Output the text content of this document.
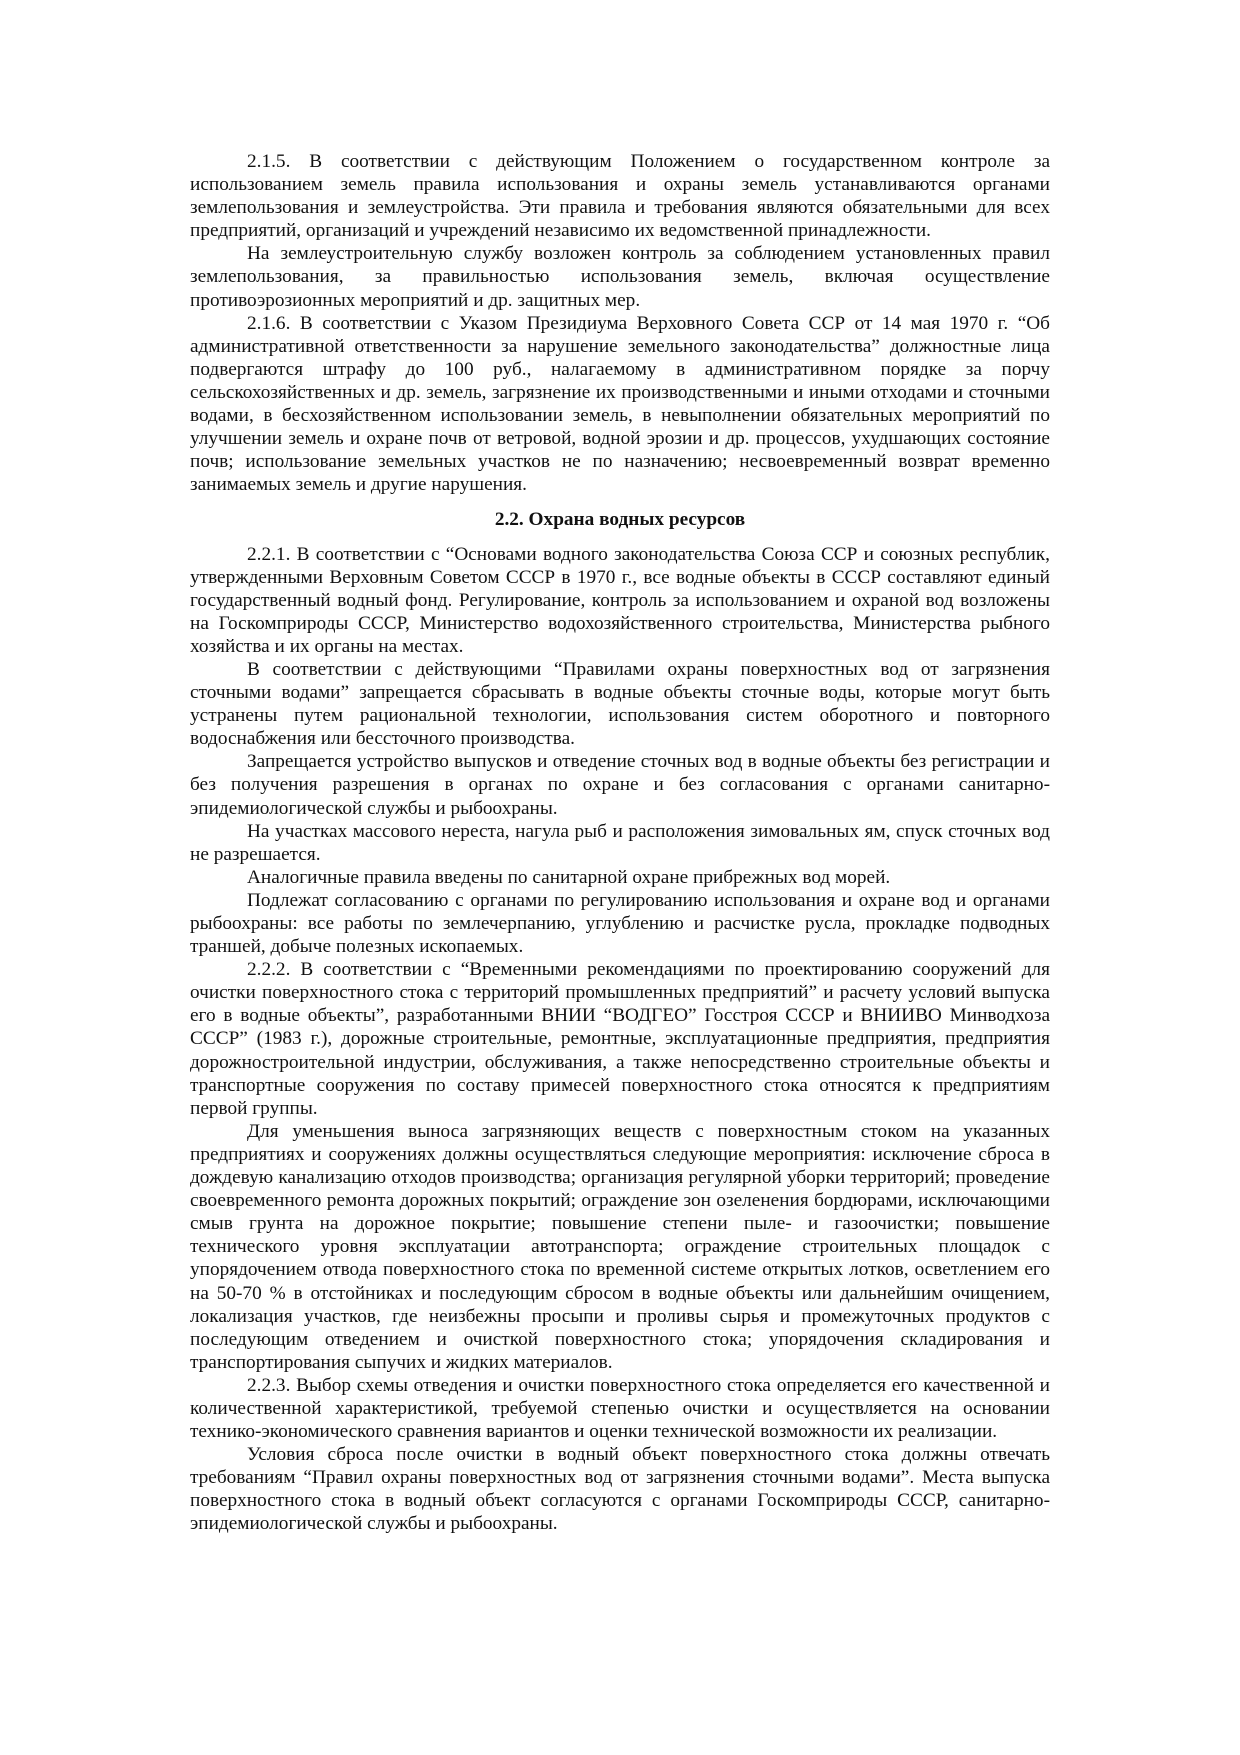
2.1.5. В соответствии с действующим Положением о государственном контроле за использованием земель правила использования и охраны земель устанавливаются органами землепользования и землеустройства. Эти правила и требования являются обязательными для всех предприятий, организаций и учреждений независимо их ведомственной принадлежности.

На землеустроительную службу возложен контроль за соблюдением установленных правил землепользования, за правильностью использования земель, включая осуществление противоэрозионных мероприятий и др. защитных мер.

2.1.6. В соответствии с Указом Президиума Верховного Совета ССР от 14 мая 1970 г. “Об административной ответственности за нарушение земельного законодательства” должностные лица подвергаются штрафу до 100 руб., налагаемому в административном порядке за порчу сельскохозяйственных и др. земель, загрязнение их производственными и иными отходами и сточными водами, в бесхозяйственном использовании земель, в невыполнении обязательных мероприятий по улучшении земель и охране почв от ветровой, водной эрозии и др. процессов, ухудшающих состояние почв; использование земельных участков не по назначению; несвоевременный возврат временно занимаемых земель и другие нарушения.

2.2. Охрана водных ресурсов

2.2.1. В соответствии с “Основами водного законодательства Союза ССР и союзных республик, утвержденными Верховным Советом СССР в 1970 г., все водные объекты в СССР составляют единый государственный водный фонд. Регулирование, контроль за использованием и охраной вод возложены на Госкомприроды СССР, Министерство водохозяйственного строительства, Министерства рыбного хозяйства и их органы на местах.

В соответствии с действующими “Правилами охраны поверхностных вод от загрязнения сточными водами” запрещается сбрасывать в водные объекты сточные воды, которые могут быть устранены путем рациональной технологии, использования систем оборотного и повторного водоснабжения или бессточного производства.

Запрещается устройство выпусков и отведение сточных вод в водные объекты без регистрации и без получения разрешения в органах по охране и без согласования с органами санитарно-эпидемиологической службы и рыбоохраны.

На участках массового нереста, нагула рыб и расположения зимовальных ям, спуск сточных вод не разрешается.

Аналогичные правила введены по санитарной охране прибрежных вод морей.

Подлежат согласованию с органами по регулированию использования и охране вод и органами рыбоохраны: все работы по землечерпанию, углублению и расчистке русла, прокладке подводных траншей, добыче полезных ископаемых.

2.2.2. В соответствии с “Временными рекомендациями по проектированию сооружений для очистки поверхностного стока с территорий промышленных предприятий” и расчету условий выпуска его в водные объекты”, разработанными ВНИИ “ВОДГЕО” Госстроя СССР и ВНИИВО Минводхоза СССР” (1983 г.), дорожные строительные, ремонтные, эксплуатационные предприятия, предприятия дорожностроительной индустрии, обслуживания, а также непосредственно строительные объекты и транспортные сооружения по составу примесей поверхностного стока относятся к предприятиям первой группы.

Для уменьшения выноса загрязняющих веществ с поверхностным стоком на указанных предприятиях и сооружениях должны осуществляться следующие мероприятия: исключение сброса в дождевую канализацию отходов производства; организация регулярной уборки территорий; проведение своевременного ремонта дорожных покрытий; ограждение зон озеленения бордюрами, исключающими смыв грунта на дорожное покрытие; повышение степени пыле- и газоочистки; повышение технического уровня эксплуатации автотранспорта; ограждение строительных площадок с упорядочением отвода поверхностного стока по временной системе открытых лотков, осветлением его на 50-70 % в отстойниках и последующим сбросом в водные объекты или дальнейшим очищением, локализация участков, где неизбежны просыпи и проливы сырья и промежуточных продуктов с последующим отведением и очисткой поверхностного стока; упорядочения складирования и транспортирования сыпучих и жидких материалов.

2.2.3. Выбор схемы отведения и очистки поверхностного стока определяется его качественной и количественной характеристикой, требуемой степенью очистки и осуществляется на основании технико-экономического сравнения вариантов и оценки технической возможности их реализации.

Условия сброса после очистки в водный объект поверхностного стока должны отвечать требованиям “Правил охраны поверхностных вод от загрязнения сточными водами”. Места выпуска поверхностного стока в водный объект согласуются с органами Госкомприроды СССР, санитарно-эпидемиологической службы и рыбоохраны.
